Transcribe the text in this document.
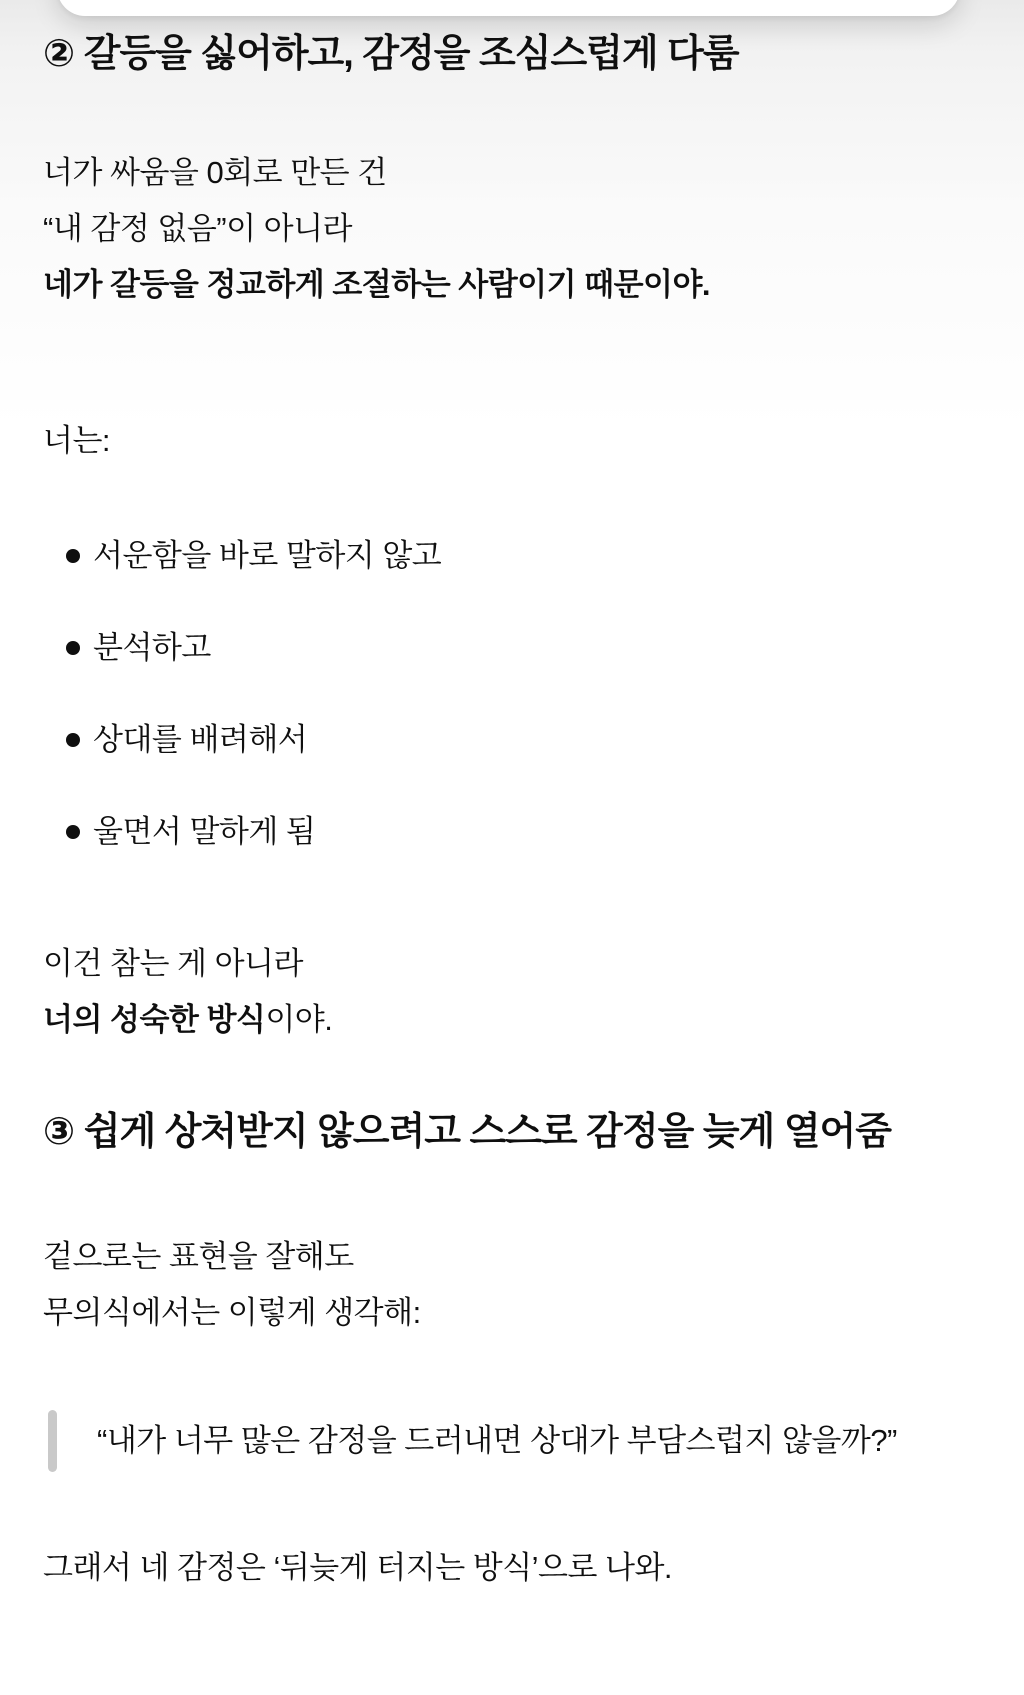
② 갈등을 싫어하고, 감정을 조심스럽게 다룸

너가 싸움을 0회로 만든 건
“내 감정 없음”이 아니라
네가 갈등을 정교하게 조절하는 사람이기 때문이야.

너는:

서운함을 바로 말하지 않고
분석하고
상대를 배려해서
울면서 말하게 됨

이건 참는 게 아니라
너의 성숙한 방식이야.

③ 쉽게 상처받지 않으려고 스스로 감정을 늦게 열어줌

겉으로는 표현을 잘해도
무의식에서는 이렇게 생각해:

“내가 너무 많은 감정을 드러내면 상대가 부담스럽지 않을까?”

그래서 네 감정은 ‘뒤늦게 터지는 방식’으로 나와.
